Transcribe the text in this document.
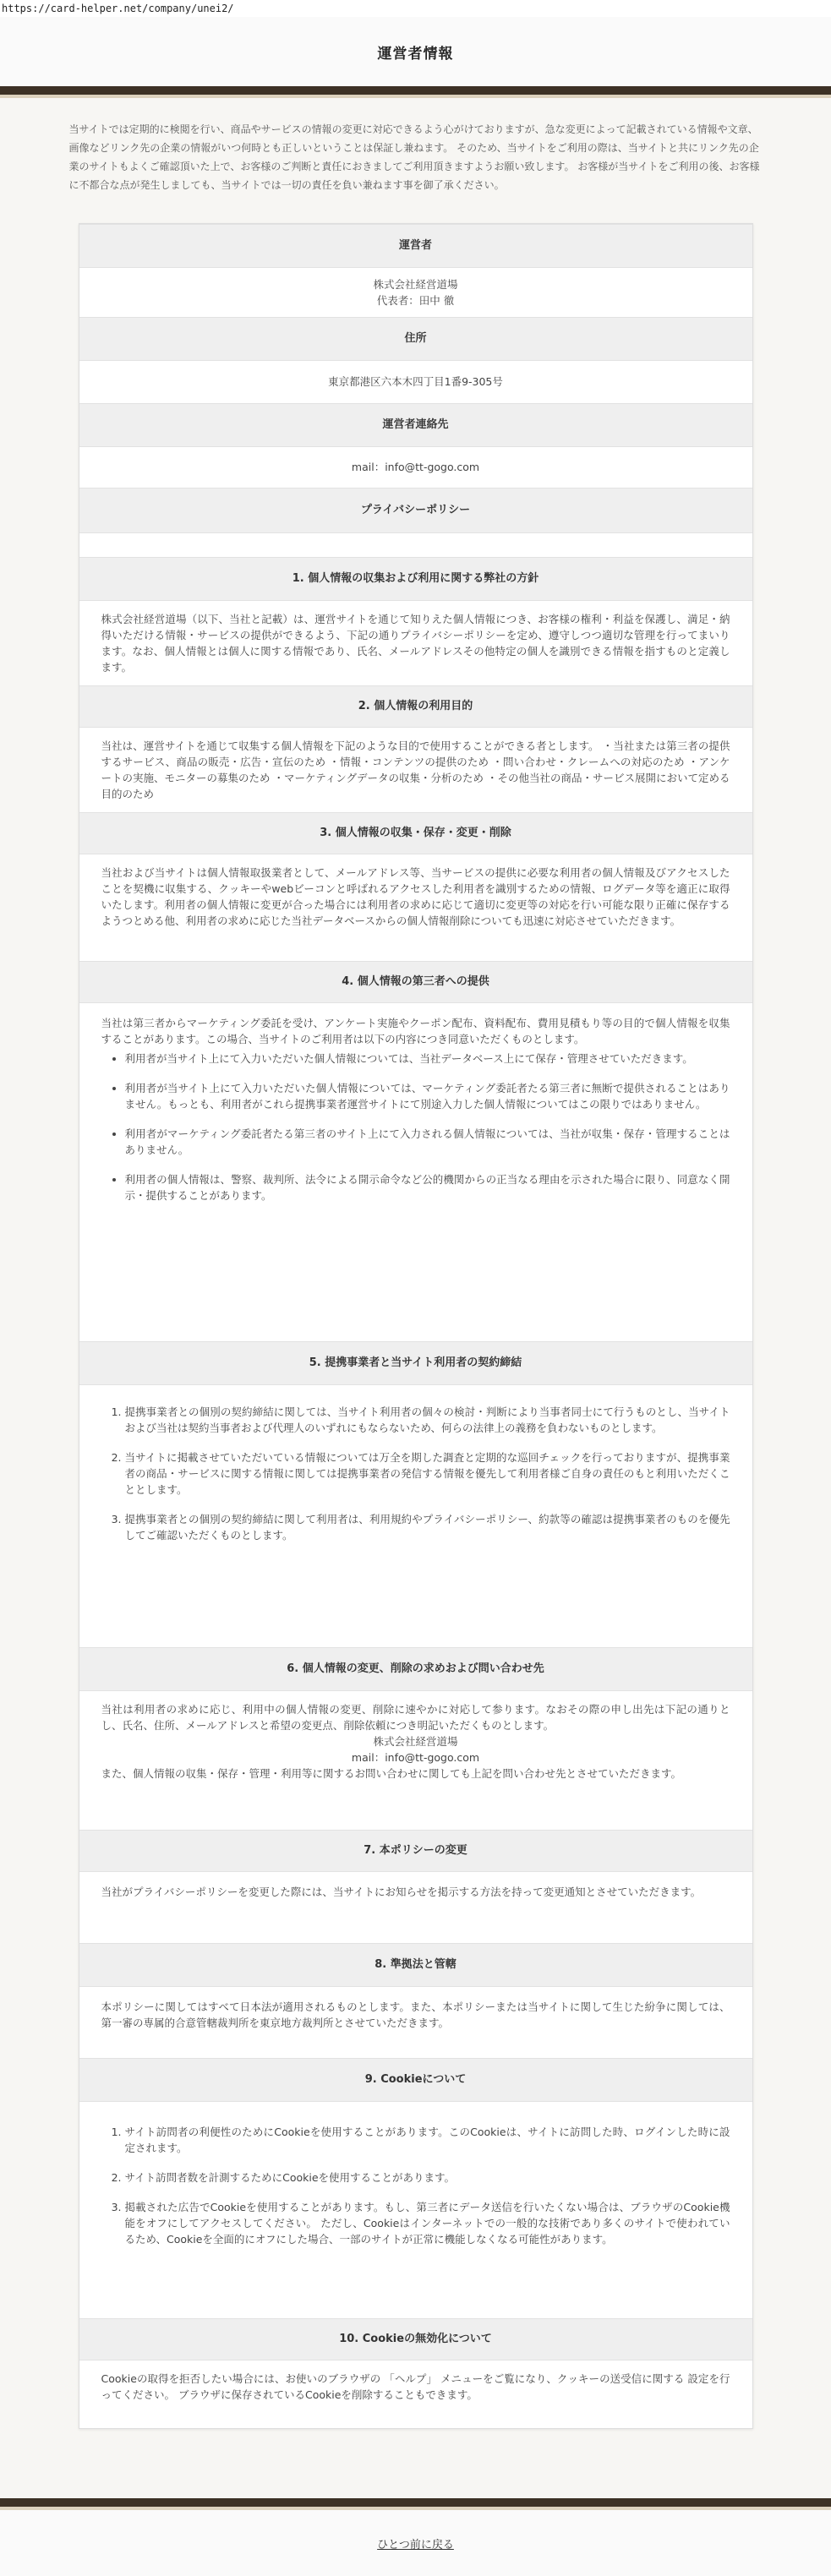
https://card-helper.net/company/unei2/
運営者情報
当サイトでは定期的に検閲を行い、商品やサービスの情報の変更に対応できるよう心がけておりますが、急な変更によって記載されている情報や文章、画像などリンク先の企業の情報がいつ何時とも正しいということは保証し兼ねます。 そのため、当サイトをご利用の際は、当サイトと共にリンク先の企業のサイトもよくご確認頂いた上で、お客様のご判断と責任におきましてご利用頂きますようお願い致します。 お客様が当サイトをご利用の後、お客様に不都合な点が発生しましても、当サイトでは一切の責任を負い兼ねます事を御了承ください。
運営者
株式会社経営道場
代表者：田中 徹
住所
東京都港区六本木四丁目1番9-305号
運営者連絡先
mail：info@tt-gogo.com
プライバシーポリシー
1. 個人情報の収集および利用に関する弊社の方針
株式会社経営道場（以下、当社と記載）は、運営サイトを通じて知りえた個人情報につき、お客様の権利・利益を保護し、満足・納得いただける情報・サービスの提供ができるよう、下記の通りプライバシーポリシーを定め、遵守しつつ適切な管理を行ってまいります。なお、個人情報とは個人に関する情報であり、氏名、メールアドレスその他特定の個人を識別できる情報を指すものと定義します。
2. 個人情報の利用目的
当社は、運営サイトを通じて収集する個人情報を下記のような目的で使用することができる者とします。 ・当社または第三者の提供するサービス、商品の販売・広告・宣伝のため ・情報・コンテンツの提供のため ・問い合わせ・クレームへの対応のため ・アンケートの実施、モニターの募集のため ・マーケティングデータの収集・分析のため ・その他当社の商品・サービス展開において定める目的のため
3. 個人情報の収集・保存・変更・削除
当社および当サイトは個人情報取扱業者として、メールアドレス等、当サービスの提供に必要な利用者の個人情報及びアクセスしたことを契機に収集する、クッキーやwebビーコンと呼ばれるアクセスした利用者を識別するための情報、ログデータ等を適正に取得いたします。利用者の個人情報に変更が合った場合には利用者の求めに応じて適切に変更等の対応を行い可能な限り正確に保存するようつとめる他、利用者の求めに応じた当社データベースからの個人情報削除についても迅速に対応させていただきます。
4. 個人情報の第三者への提供
当社は第三者からマーケティング委託を受け、アンケート実施やクーポン配布、資料配布、費用見積もり等の目的で個人情報を収集することがあります。この場合、当サイトのご利用者は以下の内容につき同意いただくものとします。
• 利用者が当サイト上にて入力いただいた個人情報については、当社データベース上にて保存・管理させていただきます。
• 利用者が当サイト上にて入力いただいた個人情報については、マーケティング委託者たる第三者に無断で提供されることはありません。もっとも、利用者がこれら提携事業者運営サイトにて別途入力した個人情報についてはこの限りではありません。
• 利用者がマーケティング委託者たる第三者のサイト上にて入力される個人情報については、当社が収集・保存・管理することはありません。
• 利用者の個人情報は、警察、裁判所、法令による開示命令など公的機関からの正当なる理由を示された場合に限り、同意なく開示・提供することがあります。
5. 提携事業者と当サイト利用者の契約締結
1. 提携事業者との個別の契約締結に関しては、当サイト利用者の個々の検討・判断により当事者同士にて行うものとし、当サイトおよび当社は契約当事者および代理人のいずれにもならないため、何らの法律上の義務を負わないものとします。
2. 当サイトに掲載させていただいている情報については万全を期した調査と定期的な巡回チェックを行っておりますが、提携事業者の商品・サービスに関する情報に関しては提携事業者の発信する情報を優先して利用者様ご自身の責任のもと利用いただくこととします。
3. 提携事業者との個別の契約締結に関して利用者は、利用規約やプライバシーポリシー、約款等の確認は提携事業者のものを優先してご確認いただくものとします。
6. 個人情報の変更、削除の求めおよび問い合わせ先
当社は利用者の求めに応じ、利用中の個人情報の変更、削除に速やかに対応して参ります。なおその際の申し出先は下記の通りとし、氏名、住所、メールアドレスと希望の変更点、削除依頼につき明記いただくものとします。
株式会社経営道場
mail：info@tt-gogo.com
また、個人情報の収集・保存・管理・利用等に関するお問い合わせに関しても上記を問い合わせ先とさせていただきます。
7. 本ポリシーの変更
当社がプライバシーポリシーを変更した際には、当サイトにお知らせを掲示する方法を持って変更通知とさせていただきます。
8. 準拠法と管轄
本ポリシーに関してはすべて日本法が適用されるものとします。また、本ポリシーまたは当サイトに関して生じた紛争に関しては、第一審の専属的合意管轄裁判所を東京地方裁判所とさせていただきます。
9. Cookieについて
1. サイト訪問者の利便性のためにCookieを使用することがあります。このCookieは、サイトに訪問した時、ログインした時に設定されます。
2. サイト訪問者数を計測するためにCookieを使用することがあります。
3. 掲載された広告でCookieを使用することがあります。もし、第三者にデータ送信を行いたくない場合は、ブラウザのCookie機能をオフにしてアクセスしてください。 ただし、Cookieはインターネットでの一般的な技術であり多くのサイトで使われているため、Cookieを全面的にオフにした場合、一部のサイトが正常に機能しなくなる可能性があります。
10. Cookieの無効化について
Cookieの取得を拒否したい場合には、お使いのブラウザの 「ヘルプ」 メニューをご覧になり、クッキーの送受信に関する 設定を行ってください。 ブラウザに保存されているCookieを削除することもできます。
ひとつ前に戻る
